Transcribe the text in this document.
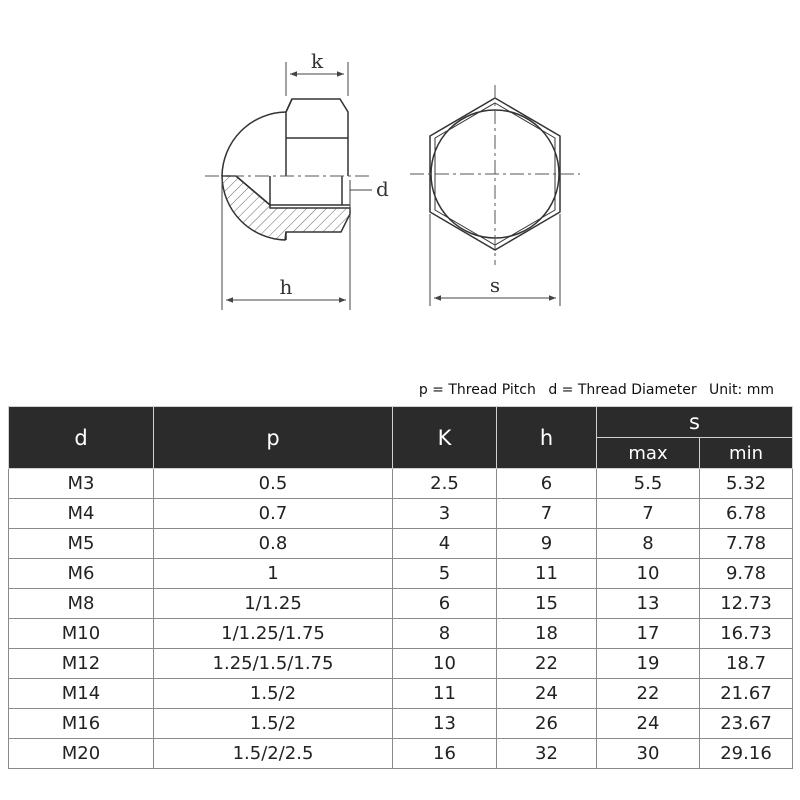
k
d
h	s
p = Thread Pitch d = Thread Diameter Unit: mm
d	p	K	h	s	
				max	min
M3	0.5	2.5	6	5.5	5.32
M4	0.7	3	7	7	6.78
M5	0.8	4	9	8	7.78
M6	1	5	11	10	9.78
M8	1/1.25	6	15	13	12.73
M10	1/1.25/1.75	8	18	17	16.73
M12	1.25/1.5/1.75	10	22	19	18.7
M14	1.5/2	11	24	22	21.67
M16	1.5/2	13	26	24	23.67
M20	1.5/2/2.5	16	32	30	29.16
